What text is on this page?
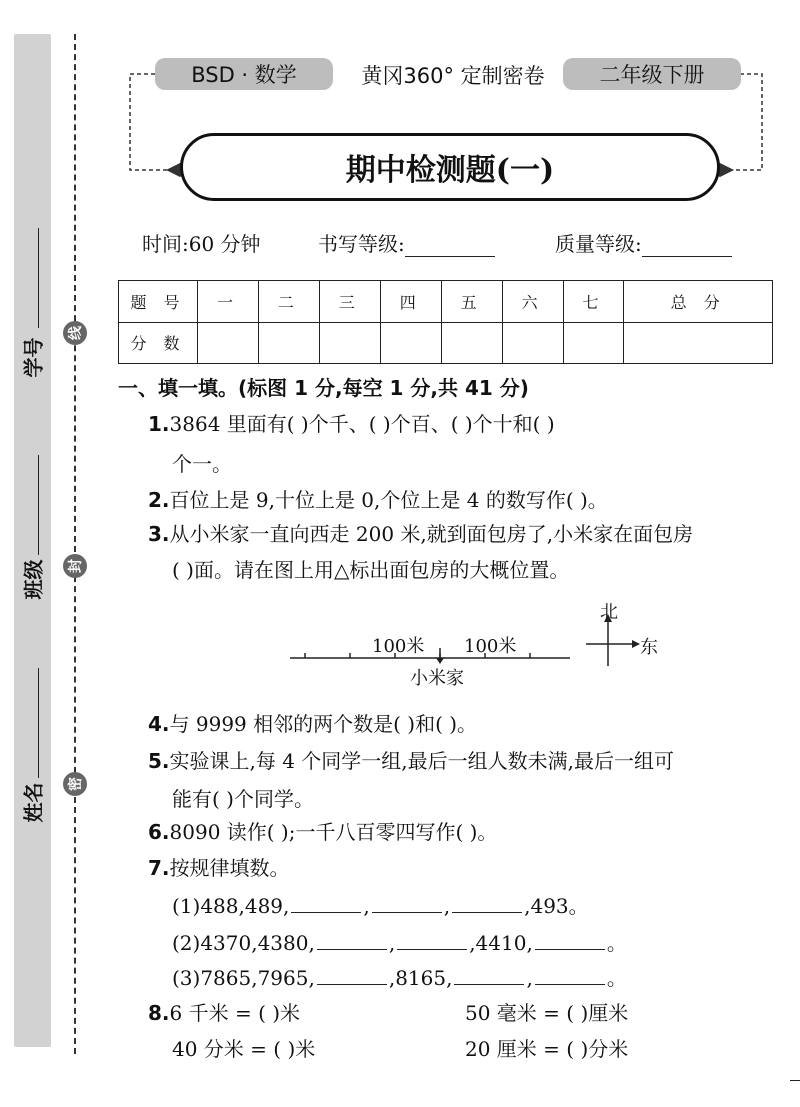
学号
班级
姓名
线
封
密
BSD · 数学	黄冈360° 定制密卷	二年级下册
期中检测题(一)
时间:60 分钟	书写等级:	质量等级:
题 号	一	二	三	四	五	六	七	总 分
分 数								
一、填一填。(标图 1 分,每空 1 分,共 41 分)
1.3864 里面有( )个千、( )个百、( )个十和( )
个一。
2.百位上是 9,十位上是 0,个位上是 4 的数写作( )。
3.从小米家一直向西走 200 米,就到面包房了,小米家在面包房
( )面。请在图上用△标出面包房的大概位置。
100米 100米
小米家
北
东
4.与 9999 相邻的两个数是( )和( )。
5.实验课上,每 4 个同学一组,最后一组人数未满,最后一组可
能有( )个同学。
6.8090 读作( );一千八百零四写作( )。
7.按规律填数。
(1)488,489,	,	,	,493。
(2)4370,4380,	,	,4410,	。
(3)7865,7965,	,8165,	,	。
8.6 千米 = ( )米	50 毫米 = ( )厘米
40 分米 = ( )米	20 厘米 = ( )分米
